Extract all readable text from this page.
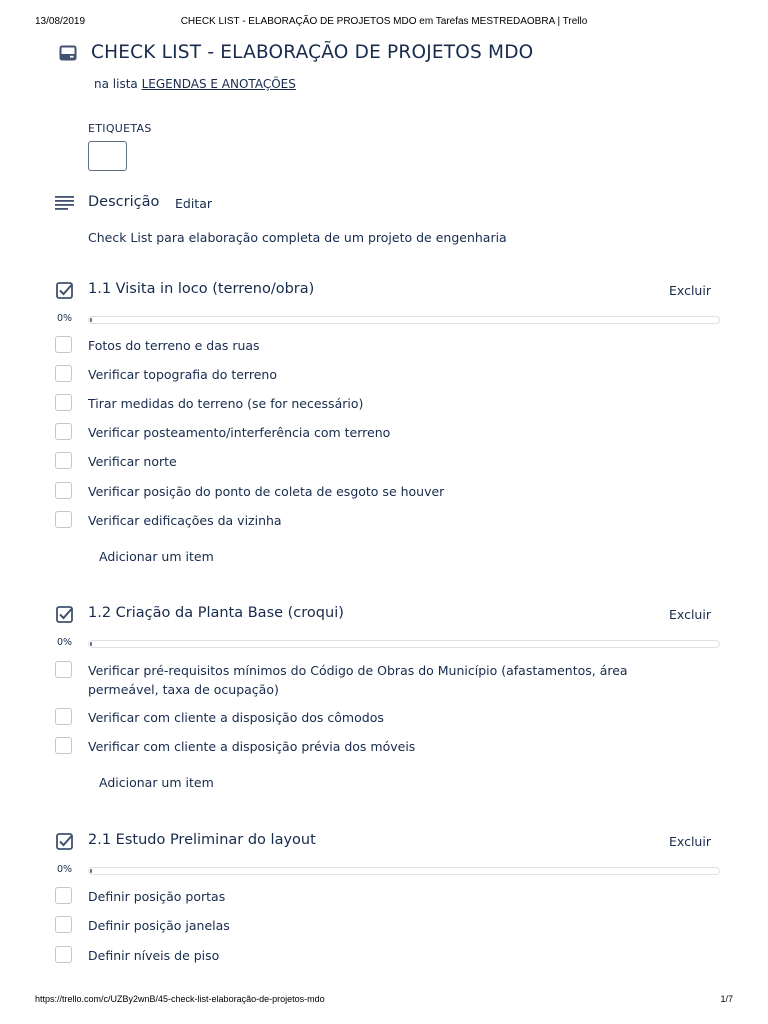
13/08/2019	CHECK LIST - ELABORAÇÃO DE PROJETOS MDO em Tarefas MESTREDAOBRA | Trello
CHECK LIST - ELABORAÇÃO DE PROJETOS MDO
na lista LEGENDAS E ANOTAÇÕES
ETIQUETAS
Descrição Editar
Check List para elaboração completa de um projeto de engenharia
1.1 Visita in loco (terreno/obra)	Excluir
0%
Fotos do terreno e das ruas
Verificar topografia do terreno
Tirar medidas do terreno (se for necessário)
Verificar posteamento/interferência com terreno
Verificar norte
Verificar posição do ponto de coleta de esgoto se houver
Verificar edificações da vizinha
Adicionar um item
1.2 Criação da Planta Base (croqui)	Excluir
0%
Verificar pré-requisitos mínimos do Código de Obras do Município (afastamentos, área permeável, taxa de ocupação)
Verificar com cliente a disposição dos cômodos
Verificar com cliente a disposição prévia dos móveis
Adicionar um item
2.1 Estudo Preliminar do layout	Excluir
0%
Definir posição portas
Definir posição janelas
Definir níveis de piso
https://trello.com/c/UZBy2wnB/45-check-list-elaboração-de-projetos-mdo	1/7
